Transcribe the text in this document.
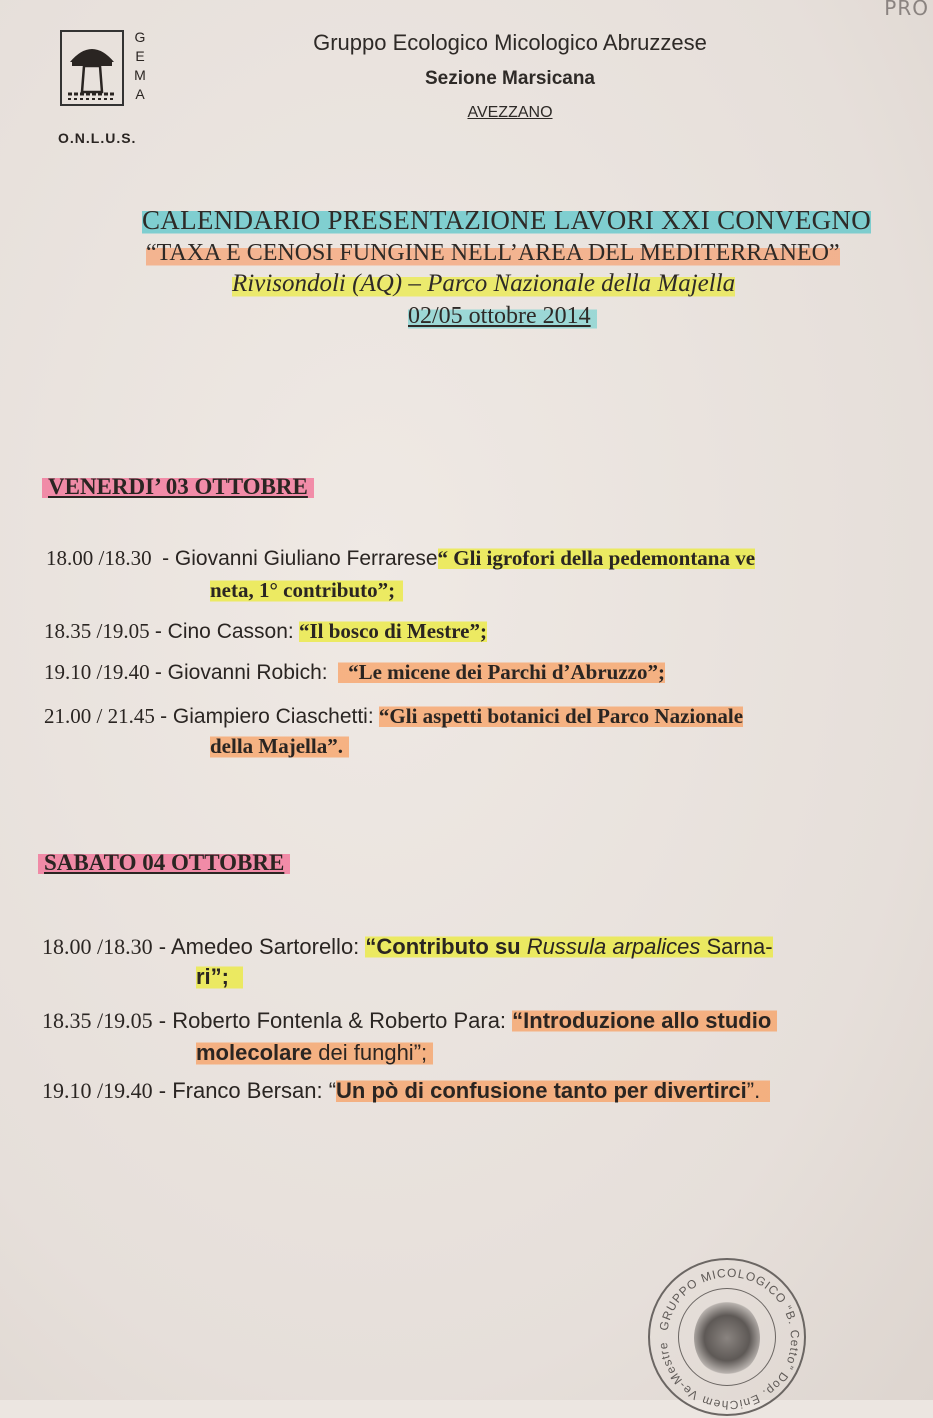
PRO
G
E
M
A
O.N.L.U.S.
Gruppo Ecologico Micologico Abruzzese
Sezione Marsicana
AVEZZANO
CALENDARIO PRESENTAZIONE LAVORI XXI CONVEGNO
“TAXA E CENOSI FUNGINE NELL’AREA DEL MEDITERRANEO”
Rivisondoli (AQ) – Parco Nazionale della Majella
02/05 ottobre 2014
VENERDI’ 03 OTTOBRE
18.00 /18.30 - Giovanni Giuliano Ferrarese“ Gli igrofori della pedemontana ve
neta, 1° contributo”;
18.35 /19.05 - Cino Casson: “Il bosco di Mestre”;
19.10 /19.40 - Giovanni Robich: “Le micene dei Parchi d’Abruzzo”;
21.00 / 21.45 - Giampiero Ciaschetti: “Gli aspetti botanici del Parco Nazionale
della Majella”.
SABATO 04 OTTOBRE
18.00 /18.30 - Amedeo Sartorello: “Contributo su Russula arpalices Sarna-
ri”;
18.35 /19.05 - Roberto Fontenla & Roberto Para: “Introduzione allo studio
molecolare dei funghi”;
19.10 /19.40 - Franco Bersan: “Un pò di confusione tanto per divertirci”.
GRUPPO MICOLOGICO “B. Cetto” Dop. EniChem Ve-Mestre
